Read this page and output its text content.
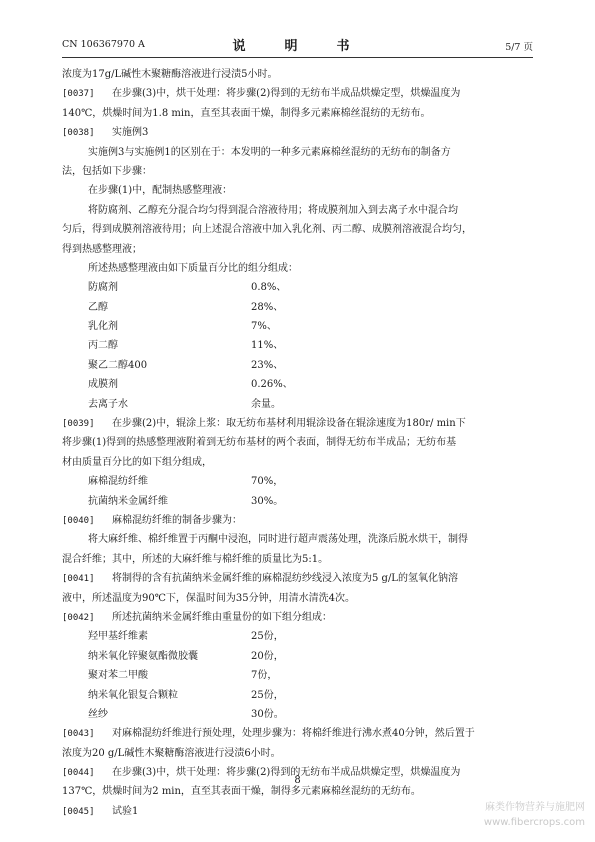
CN 106367970 A	说　明　书	5/7 页
浓度为17g/L碱性木聚糖酶溶液进行浸渍5小时。
[0037] 在步骤(3)中，烘干处理：将步骤(2)得到的无纺布半成品烘燥定型，烘燥温度为
140℃，烘燥时间为1.8 min，直至其表面干燥，制得多元素麻棉丝混纺的无纺布。
[0038] 实施例3
实施例3与实施例1的区别在于：本发明的一种多元素麻棉丝混纺的无纺布的制备方
法，包括如下步骤：
在步骤(1)中，配制热感整理液：
将防腐剂、乙醇充分混合均匀得到混合溶液待用；将成膜剂加入到去离子水中混合均
匀后，得到成膜剂溶液待用；向上述混合溶液中加入乳化剂、丙二醇、成膜剂溶液混合均匀，
得到热感整理液；
所述热感整理液由如下质量百分比的组分组成：
防腐剂	0.8%、
乙醇	28%、
乳化剂	7%、
丙二醇	11%、
聚乙二醇400	23%、
成膜剂	0.26%、
去离子水	余量。
[0039] 在步骤(2)中，辊涂上浆：取无纺布基材利用辊涂设备在辊涂速度为180r/ min下
将步骤(1)得到的热感整理液附着到无纺布基材的两个表面，制得无纺布半成品；无纺布基
材由质量百分比的如下组分组成，
麻棉混纺纤维	70%，
抗菌纳米金属纤维	30%。
[0040] 麻棉混纺纤维的制备步骤为：
将大麻纤维、棉纤维置于丙酮中浸泡，同时进行超声震荡处理，洗涤后脱水烘干，制得
混合纤维；其中，所述的大麻纤维与棉纤维的质量比为5:1。
[0041] 将制得的含有抗菌纳米金属纤维的麻棉混纺纱线浸入浓度为5 g/L的氢氧化钠溶
液中，所述温度为90℃下，保温时间为35分钟，用清水清洗4次。
[0042] 所述抗菌纳米金属纤维由重量份的如下组分组成：
羟甲基纤维素	25份，
纳米氧化锌聚氨酯微胶囊	20份，
聚对苯二甲酸	7份，
纳米氧化银复合颗粒	25份，
丝纱	30份。
[0043] 对麻棉混纺纤维进行预处理，处理步骤为：将棉纤维进行沸水煮40分钟，然后置于
浓度为20 g/L碱性木聚糖酶溶液进行浸渍6小时。
[0044] 在步骤(3)中，烘干处理：将步骤(2)得到的无纺布半成品烘燥定型，烘燥温度为
137℃，烘燥时间为2 min，直至其表面干燥，制得多元素麻棉丝混纺的无纺布。
[0045] 试验1
8
麻类作物营养与施肥网
www.fibercrops.com
